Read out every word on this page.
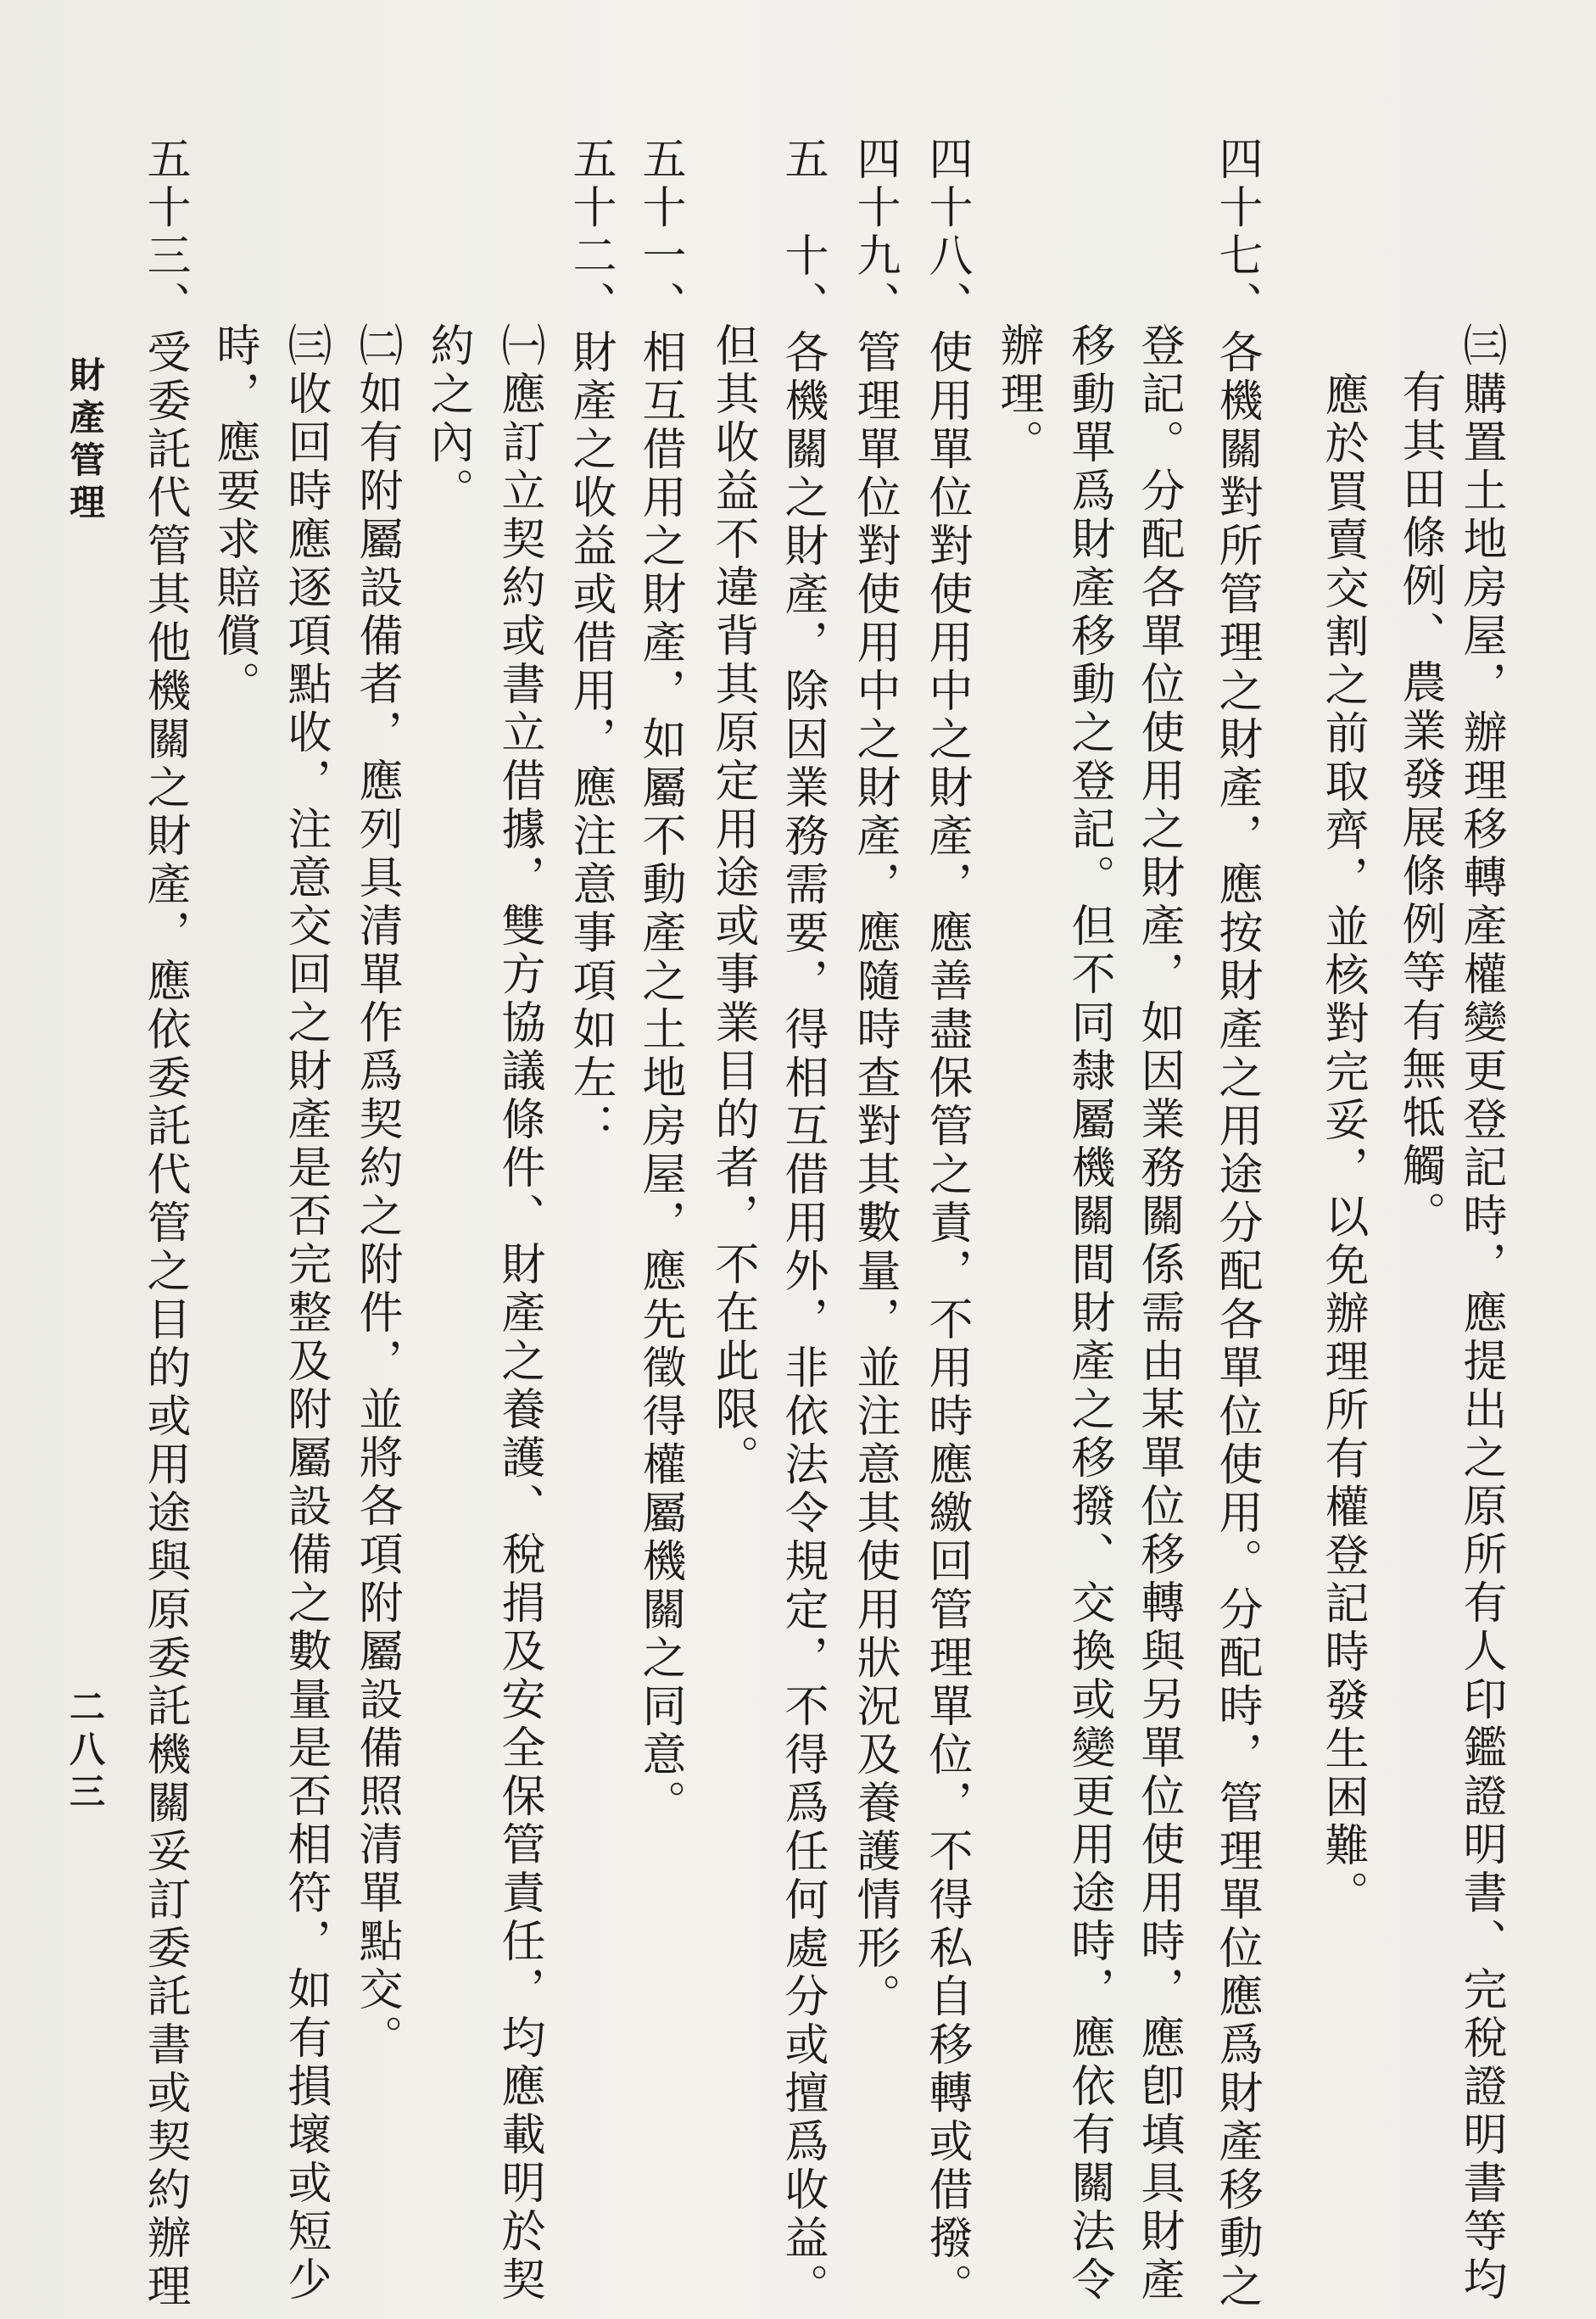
有其田條例、農業發展條例等有無牴觸。 ㈢購置土地房屋，辦理移轉產權變更登記時，應提出之原所有人印鑑證明書、完稅證明書等均
應於買賣交割之前取齊，並核對完妥，以免辦理所有權登記時發生困難。
四十七、各機關對所管理之財產，應按財產之用途分配各單位使用。分配時，管理單位應爲財產移動之
登記。分配各單位使用之財產，如因業務關係需由某單位移轉與另單位使用時，應卽填具財產
移動單爲財產移動之登記。但不同隸屬機關間財產之移撥、交換或變更用途時，應依有關法令
辦理。
四十八、使用單位對使用中之財產，應善盡保管之責，不用時應繳回管理單位，不得私自移轉或借撥。
四十九、管理單位對使用中之財產，應隨時查對其數量，並注意其使用狀況及養護情形。
五　十、各機關之財產，除因業務需要，得相互借用外，非依法令規定，不得爲任何處分或擅爲收益。
但其收益不違背其原定用途或事業目的者，不在此限。
五十一、相互借用之財產，如屬不動產之土地房屋，應先徵得權屬機關之同意。
五十二、財產之收益或借用，應注意事項如左：
㈠應訂立契約或書立借據，雙方協議條件、財產之養護、稅捐及安全保管責任，均應載明於契
約之內。
㈡如有附屬設備者，應列具清單作爲契約之附件，並將各項附屬設備照清單點交。
㈢收回時應逐項點收，注意交回之財產是否完整及附屬設備之數量是否相符，如有損壞或短少
時，應要求賠償。
五十三、受委託代管其他機關之財產，應依委託代管之目的或用途與原委託機關妥訂委託書或契約辦理
財產管理
二八三
